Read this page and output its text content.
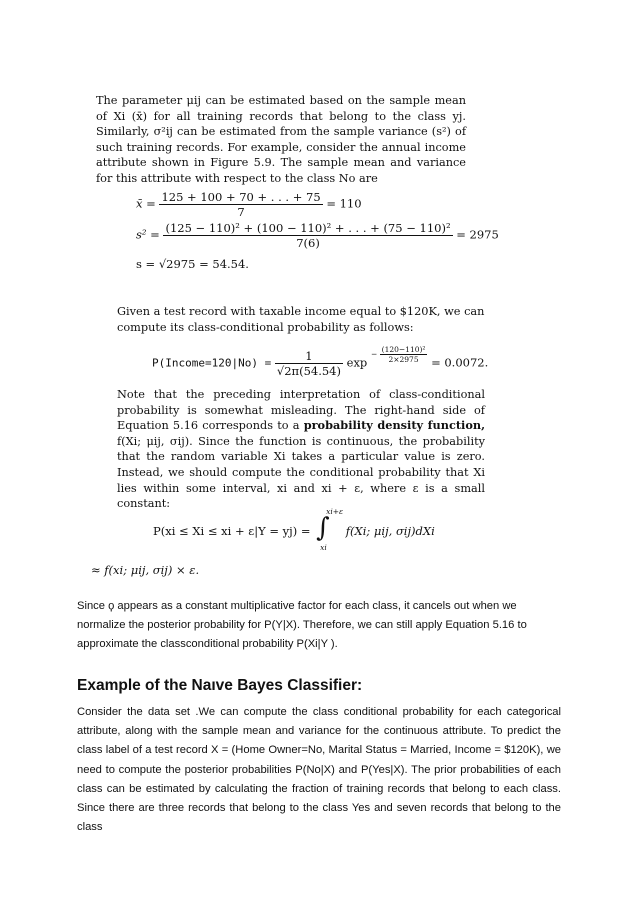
The parameter μij can be estimated based on the sample mean of Xi (x̄) for all training records that belong to the class yj. Similarly, σ²ij can be estimated from the sample variance (s²) of such training records. For example, consider the annual income attribute shown in Figure 5.9. The sample mean and variance for this attribute with respect to the class No are

x̄ = $\frac{125 + 100 + 70 + . . . + 75}{7} = 110$
$s^2 = \frac{\text{(125 − 110)² + (100 − 110)² + . . . + (75 − 110)²}}{7(6)} = 2975$
s = √2975 = 54.54.
Given a test record with taxable income equal to $120K, we can compute its class-conditional probability as follows:
P(Income=120|No) = $\frac{1}{√2\pi(54.54)}$ $\exp - \frac{\text{(120−110)²}}{2\times 2975} = 0.0072$.
Note that the preceding interpretation of class-conditional probability is somewhat misleading. The right-hand side of Equation 5.16 corresponds to a probability density function, f(Xi; μij, σij). Since the function is continuous, the probability that the random variable Xi takes a particular value is zero. Instead, we should compute the conditional probability that Xi lies within some interval, xi and xi + ε, where ε is a small constant:
P(xi ≤ Xi ≤ xi + ε|Y = yj) = ∫
xi+ε
xi
f(Xi; μij, σij)dXi
≈ f(xi; μij, σij) × ε.
Since ϙ appears as a constant multiplicative factor for each class, it cancels out when we normalize the posterior probability for P(Y|X). Therefore, we can still apply Equation 5.16 to approximate the classconditional probability P(Xi|Y ).
Example of the Naıve Bayes Classifier:
Consider the data set .We can compute the class conditional probability for each categorical attribute, along with the sample mean and variance for the continuous attribute. To predict the class label of a test record X = (Home Owner=No, Marital Status = Married, Income = $120K), we need to compute the posterior probabilities P(No|X) and P(Yes|X). The prior probabilities of each class can be estimated by calculating the fraction of training records that belong to each class. Since there are three records that belong to the class Yes and seven records that belong to the class
